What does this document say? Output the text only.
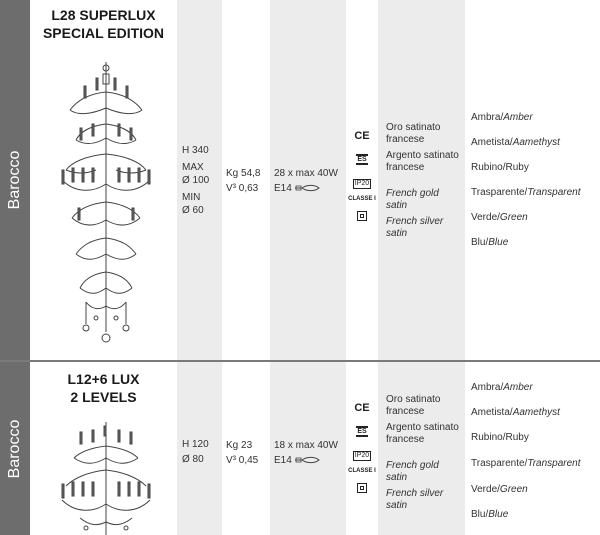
Barocco
L28 SUPERLUX
SPECIAL EDITION
H 340
MAX
Ø 100
MIN
Ø 60
Kg 54,8
V³ 0,63
28 x max 40W
E14
CE
ES
IP20
CLASSE I
Oro satinato
francese
Argento satinato
francese
French gold
satin
French silver
satin
Ambra/Amber
Ametista/Aamethyst
Rubino/Ruby
Trasparente/Transparent
Verde/Green
Blu/Blue
Barocco
L12+6 LUX
2 LEVELS
H 120
Ø 80
Kg 23
V³ 0,45
18 x max 40W
E14
CE
ES
IP20
CLASSE I
Oro satinato
francese
Argento satinato
francese
French gold
satin
French silver
satin
Ambra/Amber
Ametista/Aamethyst
Rubino/Ruby
Trasparente/Transparent
Verde/Green
Blu/Blue
